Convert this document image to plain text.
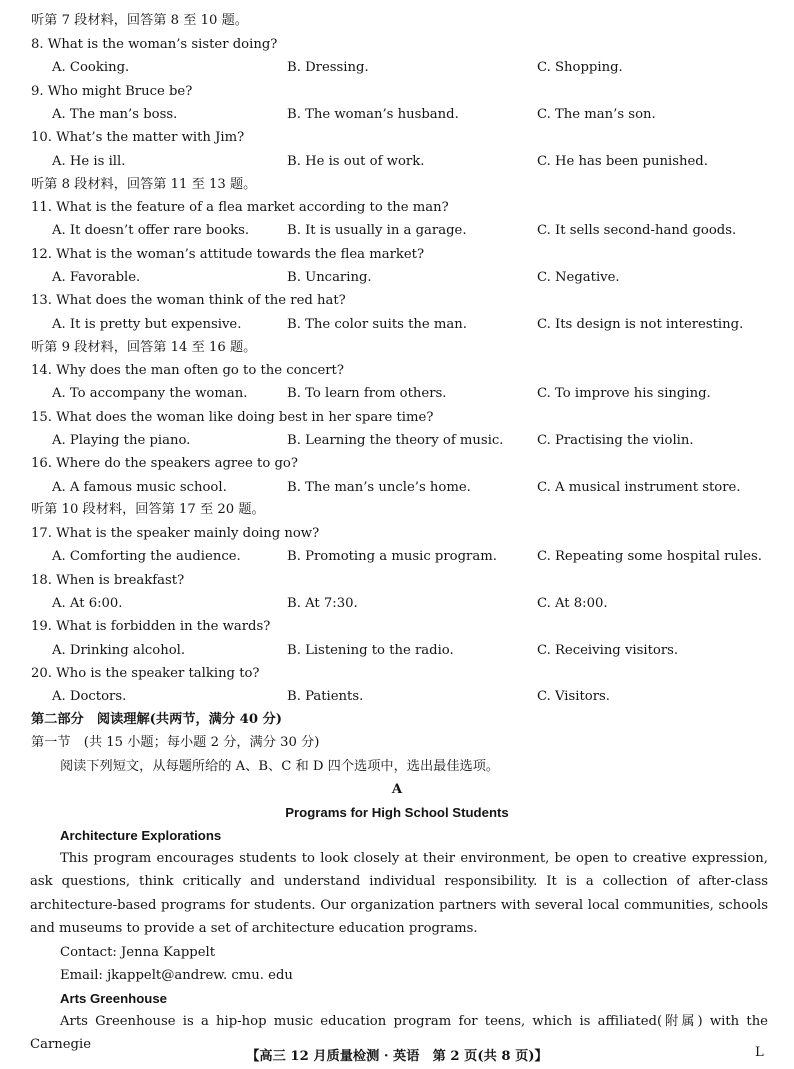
听第 7 段材料，回答第 8 至 10 题。
8. What is the woman’s sister doing?
A. Cooking.	B. Dressing.	C. Shopping.
9. Who might Bruce be?
A. The man’s boss.	B. The woman’s husband.	C. The man’s son.
10. What’s the matter with Jim?
A. He is ill.	B. He is out of work.	C. He has been punished.
听第 8 段材料，回答第 11 至 13 题。
11. What is the feature of a flea market according to the man?
A. It doesn’t offer rare books.	B. It is usually in a garage.	C. It sells second-hand goods.
12. What is the woman’s attitude towards the flea market?
A. Favorable.	B. Uncaring.	C. Negative.
13. What does the woman think of the red hat?
A. It is pretty but expensive.	B. The color suits the man.	C. Its design is not interesting.
听第 9 段材料，回答第 14 至 16 题。
14. Why does the man often go to the concert?
A. To accompany the woman.	B. To learn from others.	C. To improve his singing.
15. What does the woman like doing best in her spare time?
A. Playing the piano.	B. Learning the theory of music.	C. Practising the violin.
16. Where do the speakers agree to go?
A. A famous music school.	B. The man’s uncle’s home.	C. A musical instrument store.
听第 10 段材料，回答第 17 至 20 题。
17. What is the speaker mainly doing now?
A. Comforting the audience.	B. Promoting a music program.	C. Repeating some hospital rules.
18. When is breakfast?
A. At 6:00.	B. At 7:30.	C. At 8:00.
19. What is forbidden in the wards?
A. Drinking alcohol.	B. Listening to the radio.	C. Receiving visitors.
20. Who is the speaker talking to?
A. Doctors.	B. Patients.	C. Visitors.
第二部分　阅读理解(共两节，满分 40 分)
第一节　(共 15 小题；每小题 2 分，满分 30 分)
阅读下列短文，从每题所给的 A、B、C 和 D 四个选项中，选出最佳选项。
A
Programs for High School Students
Architecture Explorations
This program encourages students to look closely at their environment, be open to creative expression, ask questions, think critically and understand individual responsibility. It is a collection of after-class architecture-based programs for students. Our organization partners with several local communities, schools and museums to provide a set of architecture education programs.
Contact: Jenna Kappelt
Email: jkappelt@andrew. cmu. edu
Arts Greenhouse
Arts Greenhouse is a hip-hop music education program for teens, which is affiliated(附属) with the Carnegie
【高三 12 月质量检测 · 英语　第 2 页(共 8 页)】	L
